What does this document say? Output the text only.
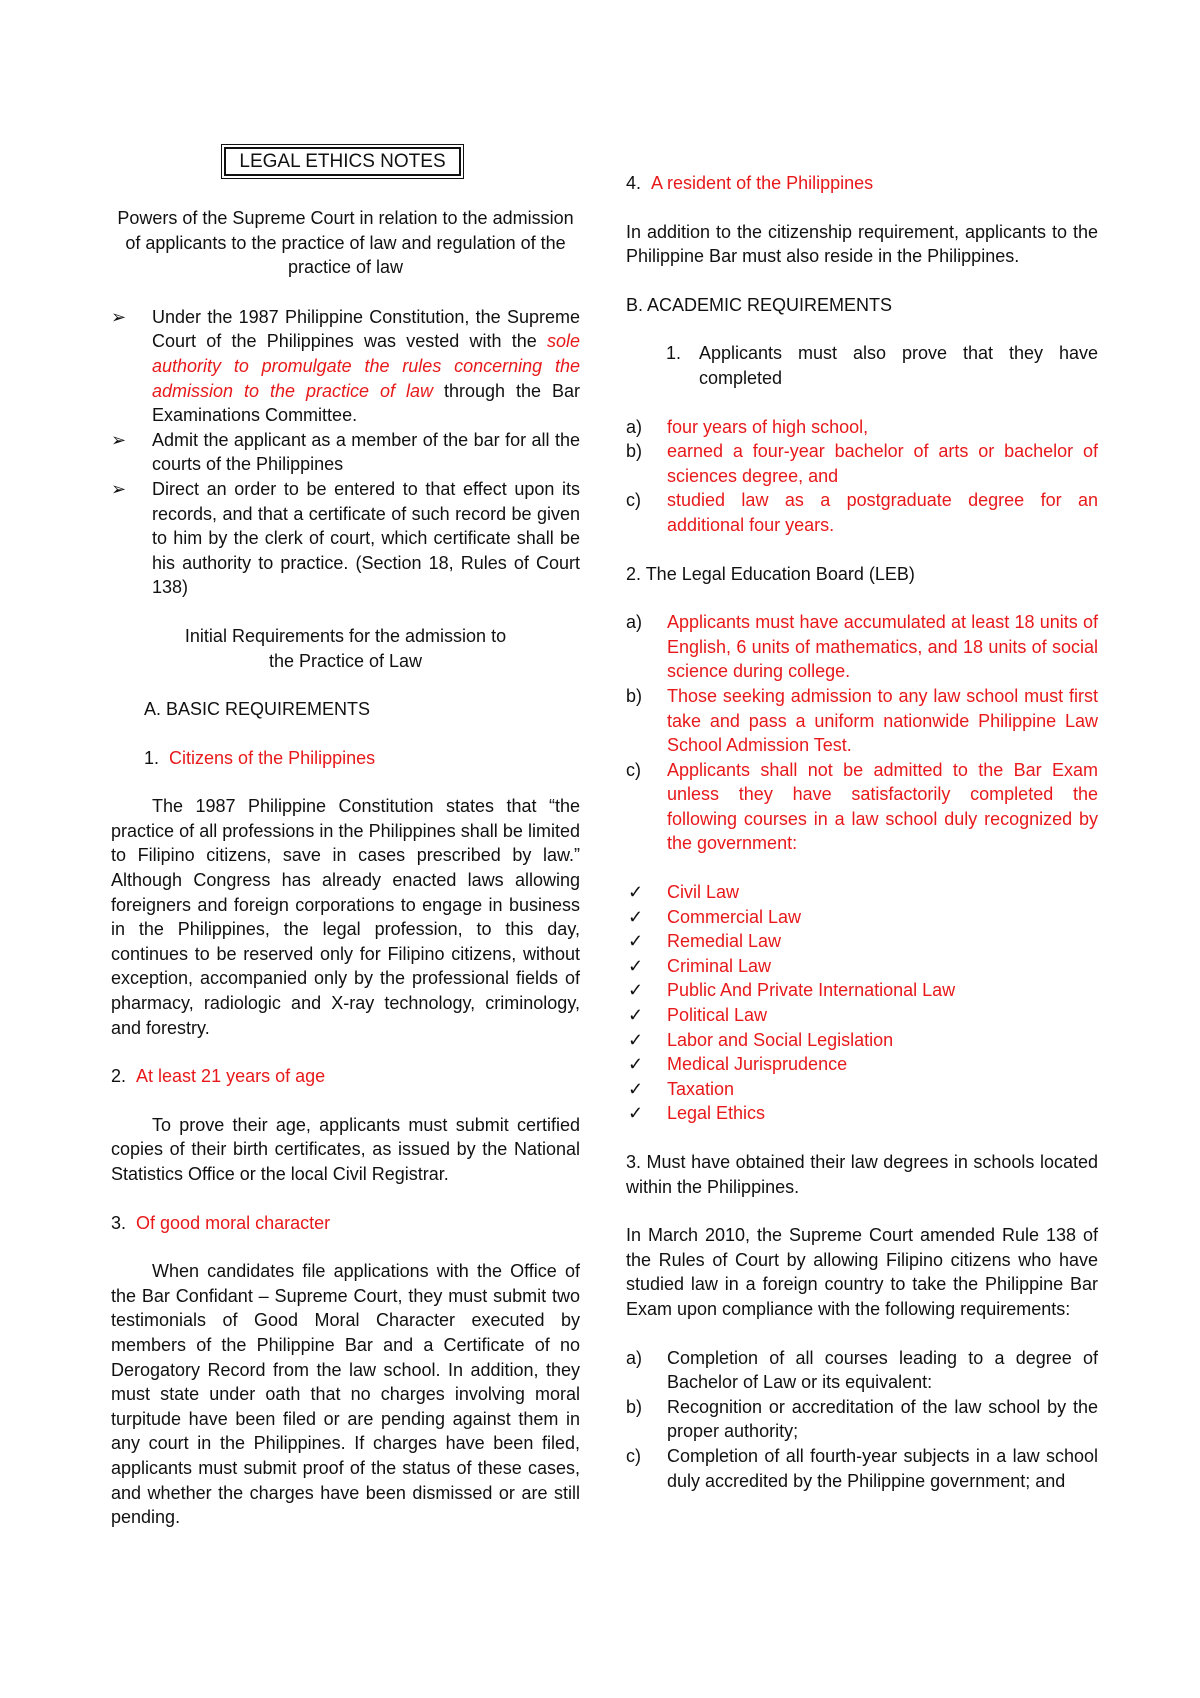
LEGAL ETHICS NOTES

Powers of the Supreme Court in relation to the admission of applicants to the practice of law and regulation of the practice of law

➢ Under the 1987 Philippine Constitution, the Supreme Court of the Philippines was vested with the sole authority to promulgate the rules concerning the admission to the practice of law through the Bar Examinations Committee.
➢ Admit the applicant as a member of the bar for all the courts of the Philippines
➢ Direct an order to be entered to that effect upon its records, and that a certificate of such record be given to him by the clerk of court, which certificate shall be his authority to practice. (Section 18, Rules of Court 138)

Initial Requirements for the admission to
the Practice of Law

A. BASIC REQUIREMENTS

1. Citizens of the Philippines

The 1987 Philippine Constitution states that “the practice of all professions in the Philippines shall be limited to Filipino citizens, save in cases prescribed by law.” Although Congress has already enacted laws allowing foreigners and foreign corporations to engage in business in the Philippines, the legal profession, to this day, continues to be reserved only for Filipino citizens, without exception, accompanied only by the professional fields of pharmacy, radiologic and X-ray technology, criminology, and forestry.

2. At least 21 years of age

To prove their age, applicants must submit certified copies of their birth certificates, as issued by the National Statistics Office or the local Civil Registrar.

3. Of good moral character

When candidates file applications with the Office of the Bar Confidant – Supreme Court, they must submit two testimonials of Good Moral Character executed by members of the Philippine Bar and a Certificate of no Derogatory Record from the law school. In addition, they must state under oath that no charges involving moral turpitude have been filed or are pending against them in any court in the Philippines. If charges have been filed, applicants must submit proof of the status of these cases, and whether the charges have been dismissed or are still pending.

4. A resident of the Philippines

In addition to the citizenship requirement, applicants to the Philippine Bar must also reside in the Philippines.

B. ACADEMIC REQUIREMENTS

1. Applicants must also prove that they have completed

a) four years of high school,
b) earned a four-year bachelor of arts or bachelor of sciences degree, and
c) studied law as a postgraduate degree for an additional four years.

2. The Legal Education Board (LEB)

a) Applicants must have accumulated at least 18 units of English, 6 units of mathematics, and 18 units of social science during college.
b) Those seeking admission to any law school must first take and pass a uniform nationwide Philippine Law School Admission Test.
c) Applicants shall not be admitted to the Bar Exam unless they have satisfactorily completed the following courses in a law school duly recognized by the government:
✓ Civil Law
✓ Commercial Law
✓ Remedial Law
✓ Criminal Law
✓ Public And Private International Law
✓ Political Law
✓ Labor and Social Legislation
✓ Medical Jurisprudence
✓ Taxation
✓ Legal Ethics

3. Must have obtained their law degrees in schools located within the Philippines.

In March 2010, the Supreme Court amended Rule 138 of the Rules of Court by allowing Filipino citizens who have studied law in a foreign country to take the Philippine Bar Exam upon compliance with the following requirements:

a) Completion of all courses leading to a degree of Bachelor of Law or its equivalent:
b) Recognition or accreditation of the law school by the proper authority;
c) Completion of all fourth-year subjects in a law school duly accredited by the Philippine government; and
